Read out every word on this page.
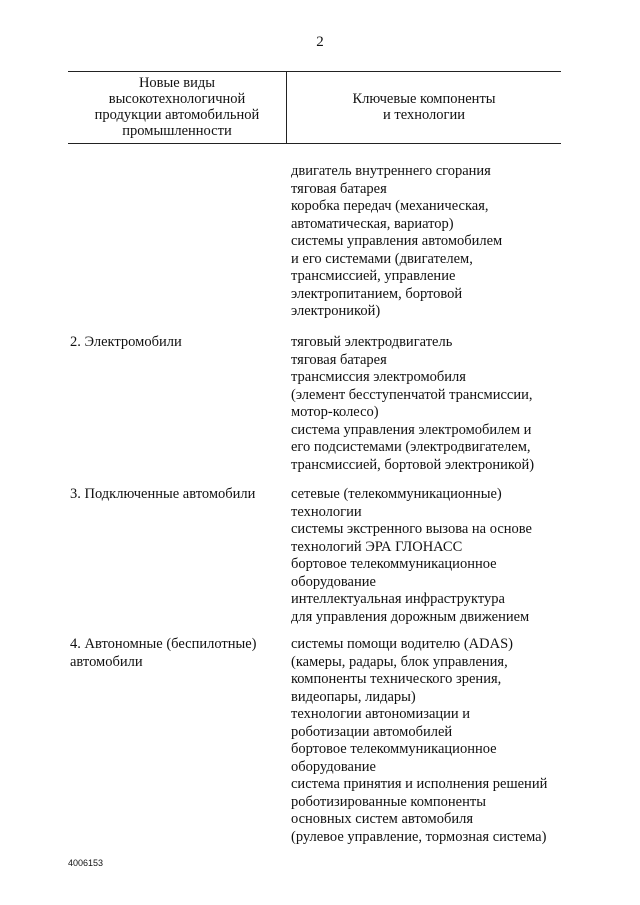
2
Новые виды
высокотехнологичной
продукции автомобильной
промышленности
Ключевые компоненты
и технологии
двигатель внутреннего сгорания
тяговая батарея
коробка передач (механическая,
автоматическая, вариатор)
системы управления автомобилем
и его системами (двигателем,
трансмиссией, управление
электропитанием, бортовой
электроникой)
2. Электромобили	тяговый электродвигатель
тяговая батарея
трансмиссия электромобиля
(элемент бесступенчатой трансмиссии,
мотор-колесо)
система управления электромобилем и
его подсистемами (электродвигателем,
трансмиссией, бортовой электроникой)
3. Подключенные автомобили	сетевые (телекоммуникационные)
технологии
системы экстренного вызова на основе
технологий ЭРА ГЛОНАСС
бортовое телекоммуникационное
оборудование
интеллектуальная инфраструктура
для управления дорожным движением
4. Автономные (беспилотные)
автомобили
системы помощи водителю (ADAS)
(камеры, радары, блок управления,
компоненты технического зрения,
видеопары, лидары)
технологии автономизации и
роботизации автомобилей
бортовое телекоммуникационное
оборудование
система принятия и исполнения решений
роботизированные компоненты
основных систем автомобиля
(рулевое управление, тормозная система)
4006153
